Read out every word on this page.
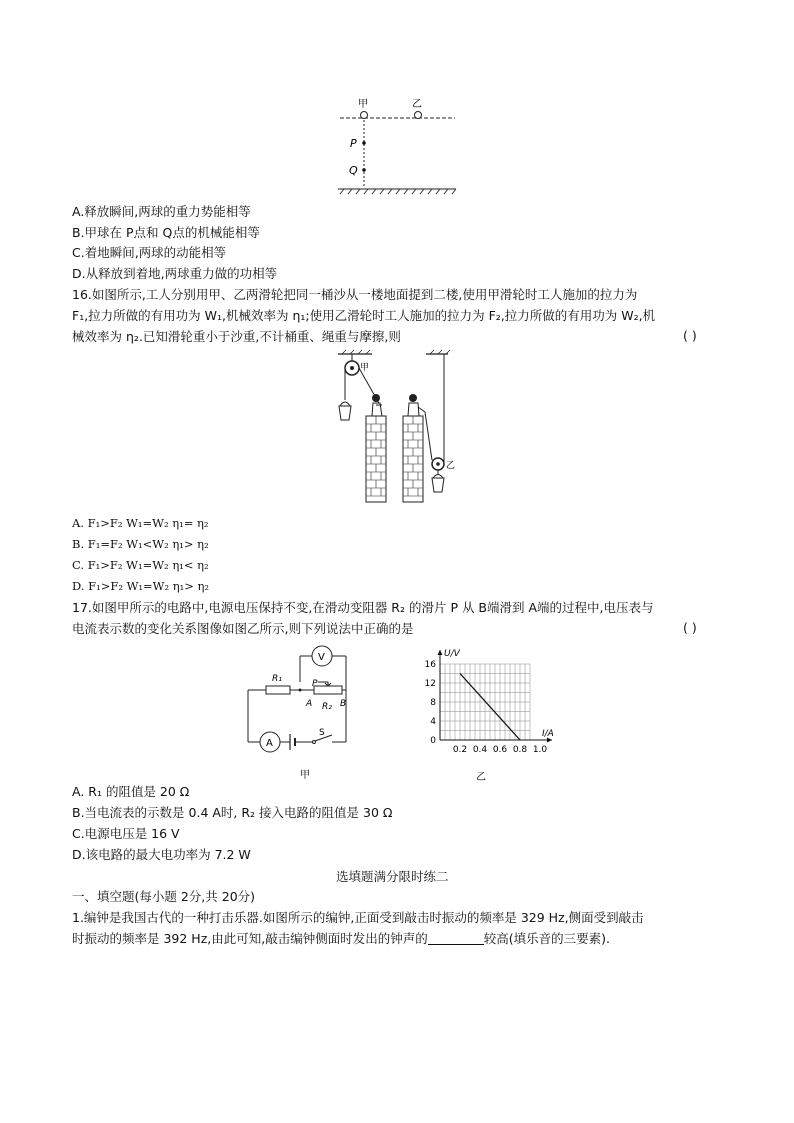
甲	乙
P
Q
A.释放瞬间,两球的重力势能相等
B.甲球在 P点和 Q点的机械能相等
C.着地瞬间,两球的动能相等
D.从释放到着地,两球重力做的功相等
16.如图所示,工人分别用甲、乙两滑轮把同一桶沙从一楼地面提到二楼,使用甲滑轮时工人施加的拉力为
F₁,拉力所做的有用功为 W₁,机械效率为 η₁;使用乙滑轮时工人施加的拉力为 F₂,拉力所做的有用功为 W₂,机
械效率为 η₂.已知滑轮重小于沙重,不计桶重、绳重与摩擦,则	( )
甲
乙
A. F₁>F₂ W₁=W₂ η₁= η₂
B. F₁=F₂ W₁<W₂ η₁> η₂
C. F₁>F₂ W₁=W₂ η₁< η₂
D. F₁>F₂ W₁=W₂ η₁> η₂
17.如图甲所示的电路中,电源电压保持不变,在滑动变阻器 R₂ 的滑片 P 从 B端滑到 A端的过程中,电压表与
电流表示数的变化关系图像如图乙所示,则下列说法中正确的是	( )
V
R₁	P
A	B
R₂
A
S
甲
0
4
8
12
16
0.2 0.4 0.6 0.8 1.0
I/A
U/V
乙
A. R₁ 的阻值是 20 Ω
B.当电流表的示数是 0.4 A时, R₂ 接入电路的阻值是 30 Ω
C.电源电压是 16 V
D.该电路的最大电功率为 7.2 W
选填题满分限时练二
一、填空题(每小题 2分,共 20分)
1.编钟是我国古代的一种打击乐器.如图所示的编钟,正面受到敲击时振动的频率是 329 Hz,侧面受到敲击
时振动的频率是 392 Hz,由此可知,敲击编钟侧面时发出的钟声的	较高(填乐音的三要素).
